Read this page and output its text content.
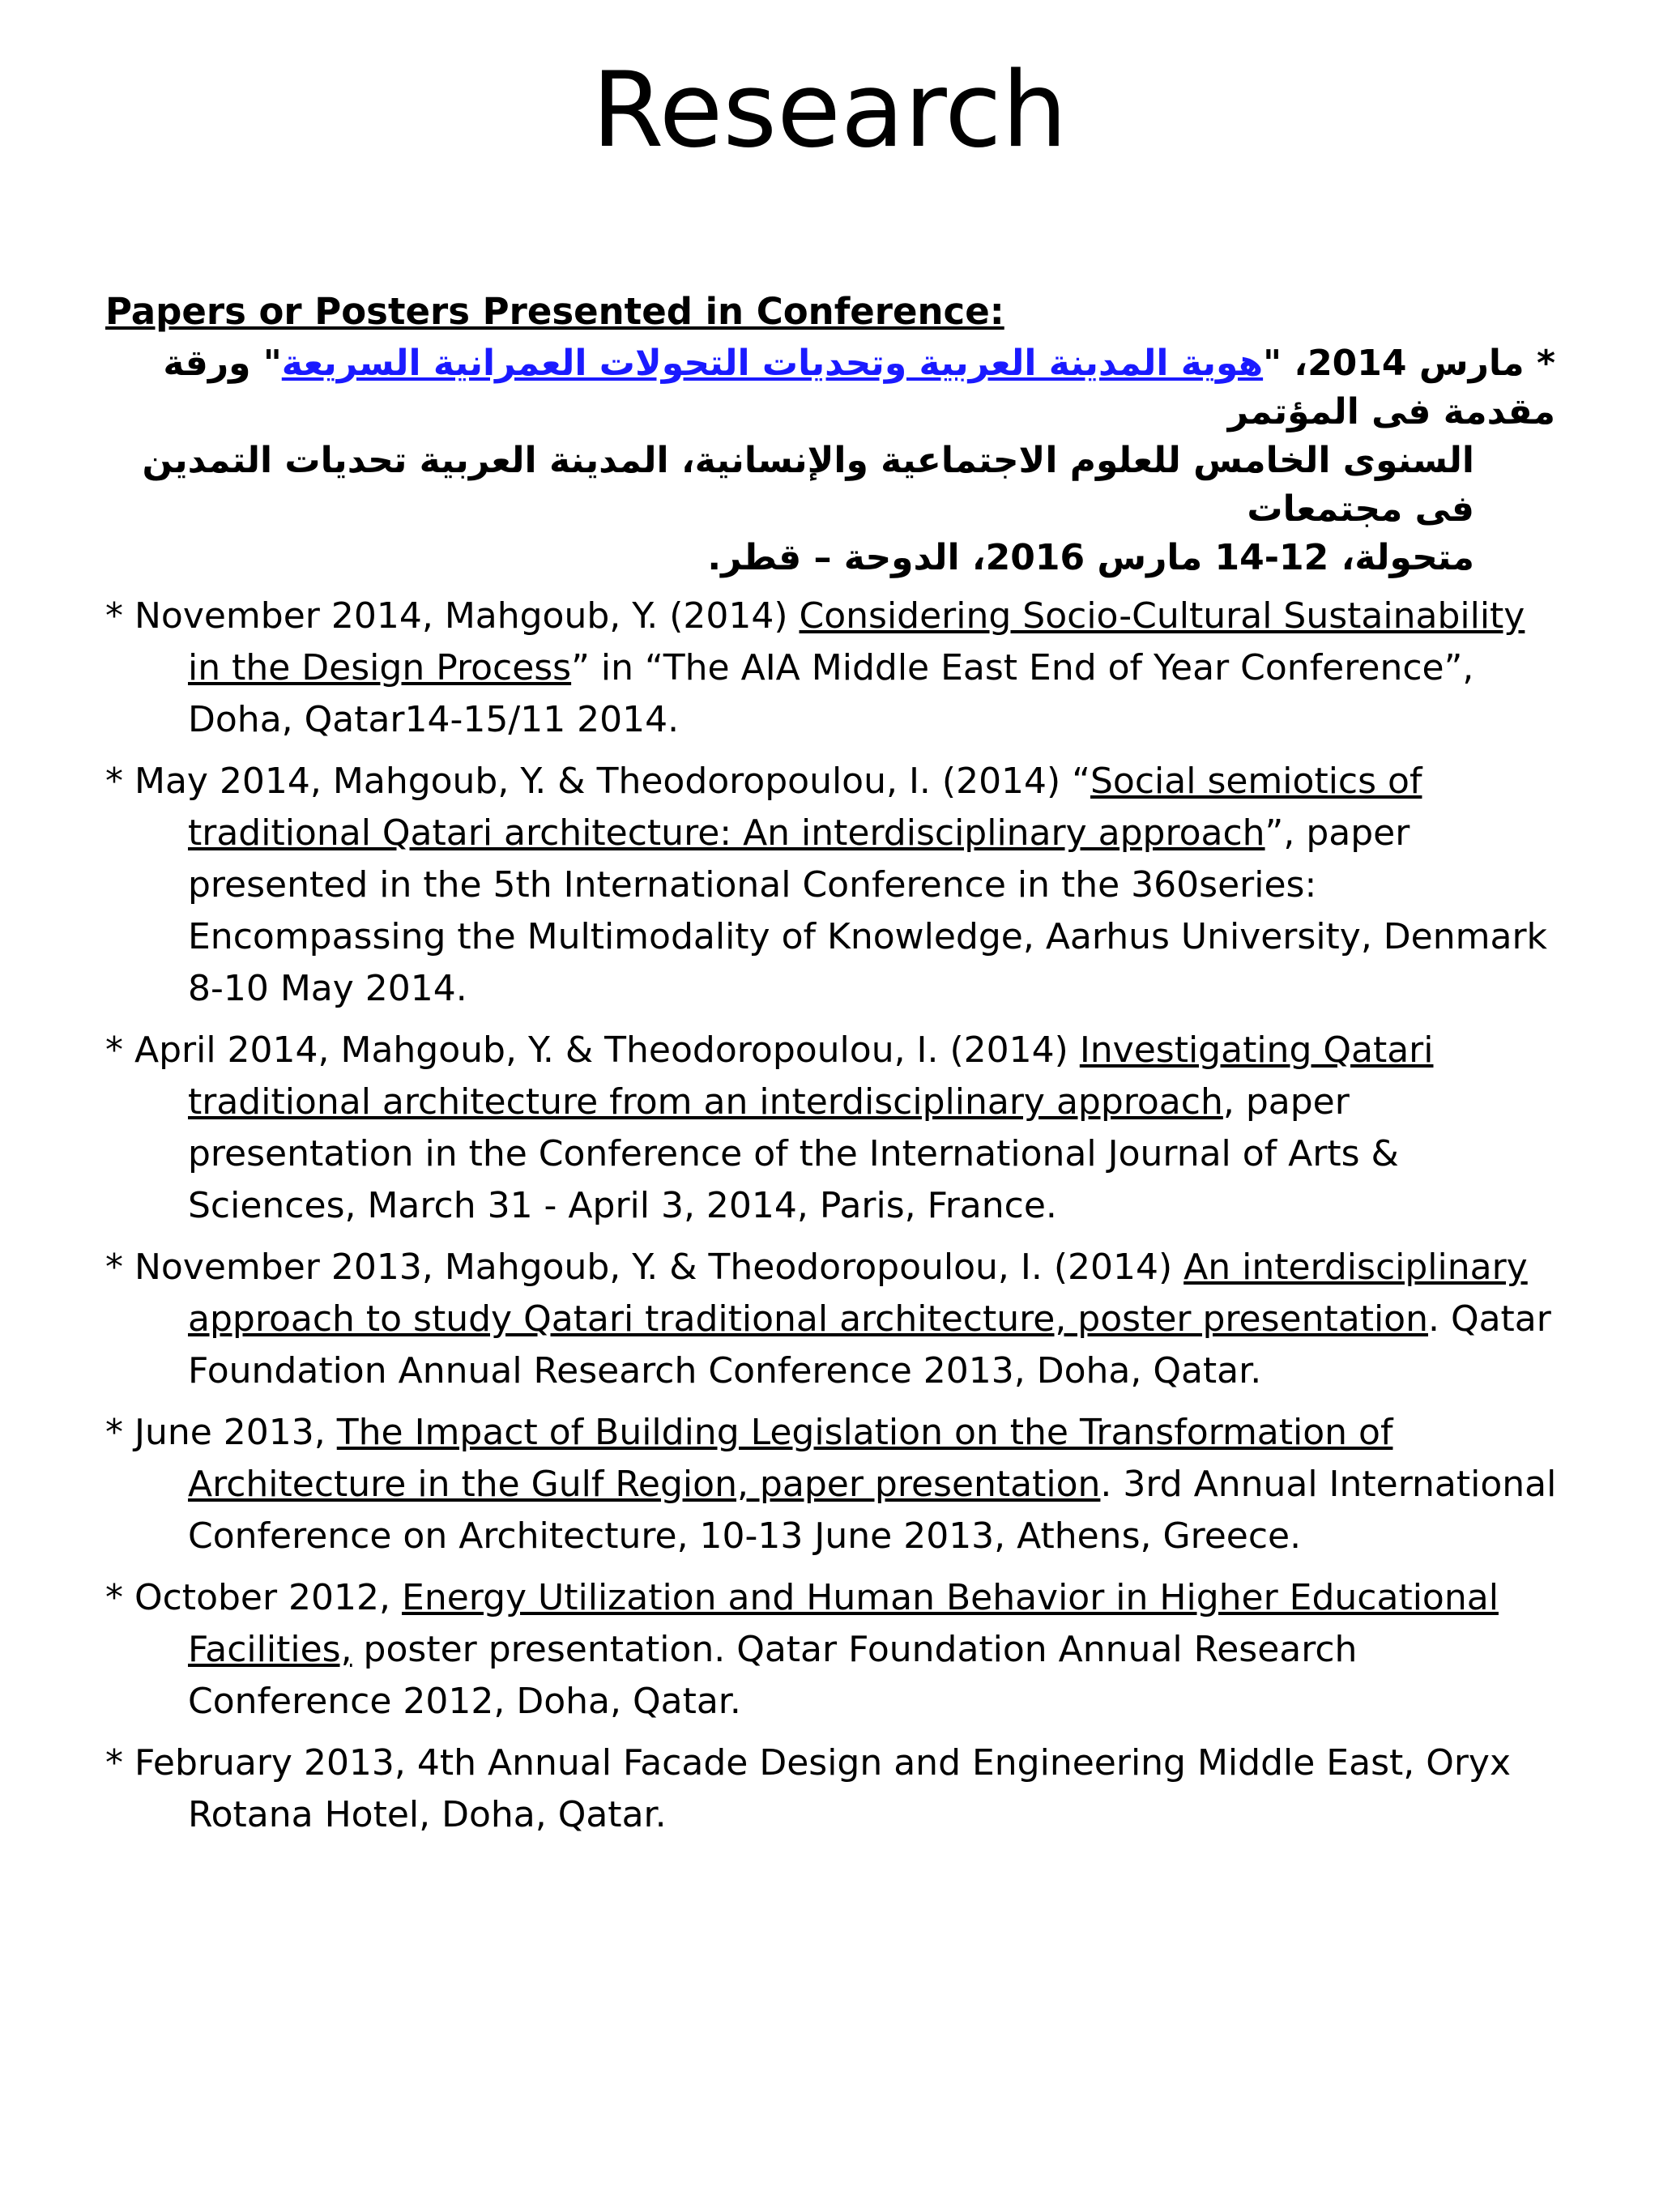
Research

Papers or Posters Presented in Conference:

* مارس 2014، "هوية المدينة العربية وتحديات التحولات العمرانية السريعة" ورقة مقدمة فى المؤتمر
السنوى الخامس للعلوم الاجتماعية والإنسانية، المدينة العربية تحديات التمدين فى مجتمعات
متحولة، 12-14 مارس 2016، الدوحة – قطر.

* November 2014, Mahgoub, Y. (2014) Considering Socio-Cultural Sustainability in the Design Process” in “The AIA Middle East End of Year Conference”, Doha, Qatar14-15/11 2014.
* May 2014, Mahgoub, Y. & Theodoropoulou, I. (2014) “Social semiotics of traditional Qatari architecture: An interdisciplinary approach”, paper presented in the 5th International Conference in the 360series: Encompassing the Multimodality of Knowledge, Aarhus University, Denmark 8-10 May 2014.
* April 2014, Mahgoub, Y. & Theodoropoulou, I. (2014) Investigating Qatari traditional architecture from an interdisciplinary approach, paper presentation in the Conference of the International Journal of Arts & Sciences, March 31 - April 3, 2014, Paris, France.
* November 2013, Mahgoub, Y. & Theodoropoulou, I. (2014) An interdisciplinary approach to study Qatari traditional architecture, poster presentation. Qatar Foundation Annual Research Conference 2013, Doha, Qatar.
* June 2013, The Impact of Building Legislation on the Transformation of Architecture in the Gulf Region, paper presentation. 3rd Annual International Conference on Architecture, 10-13 June 2013, Athens, Greece.
* October 2012, Energy Utilization and Human Behavior in Higher Educational Facilities, poster presentation. Qatar Foundation Annual Research Conference 2012, Doha, Qatar.
* February 2013, 4th Annual Facade Design and Engineering Middle East, Oryx Rotana Hotel, Doha, Qatar.
